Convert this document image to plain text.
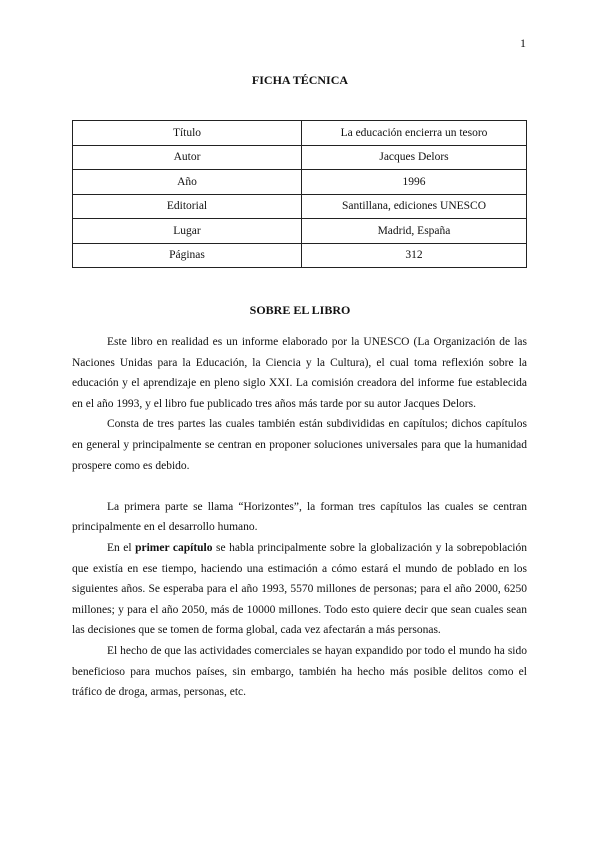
1
FICHA TÉCNICA
Título	La educación encierra un tesoro
Autor	Jacques Delors
Año	1996
Editorial	Santillana, ediciones UNESCO
Lugar	Madrid, España
Páginas	312
SOBRE EL LIBRO

Este libro en realidad es un informe elaborado por la UNESCO (La Organización de las Naciones Unidas para la Educación, la Ciencia y la Cultura), el cual toma reflexión sobre la educación y el aprendizaje en pleno siglo XXI. La comisión creadora del informe fue establecida en el año 1993, y el libro fue publicado tres años más tarde por su autor Jacques Delors.

Consta de tres partes las cuales también están subdivididas en capítulos; dichos capítulos en general y principalmente se centran en proponer soluciones universales para que la humanidad prospere como es debido.

La primera parte se llama “Horizontes”, la forman tres capítulos las cuales se centran principalmente en el desarrollo humano.

En el primer capítulo se habla principalmente sobre la globalización y la sobrepoblación que existía en ese tiempo, haciendo una estimación a cómo estará el mundo de poblado en los siguientes años. Se esperaba para el año 1993, 5570 millones de personas; para el año 2000, 6250 millones; y para el año 2050, más de 10000 millones. Todo esto quiere decir que sean cuales sean las decisiones que se tomen de forma global, cada vez afectarán a más personas.

El hecho de que las actividades comerciales se hayan expandido por todo el mundo ha sido beneficioso para muchos países, sin embargo, también ha hecho más posible delitos como el tráfico de droga, armas, personas, etc.
